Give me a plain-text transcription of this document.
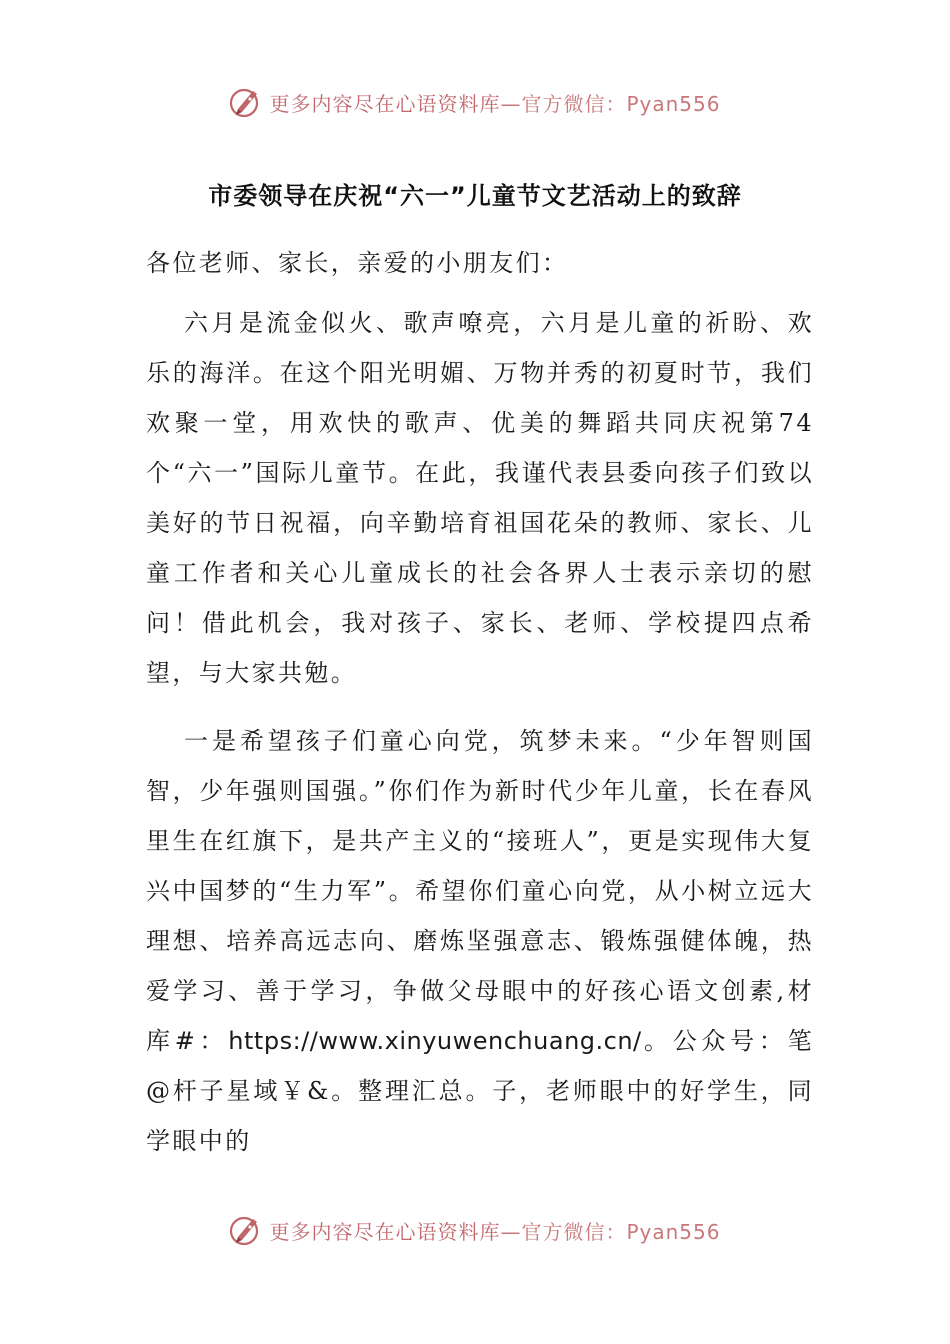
更多内容尽在心语资料库—官方微信：Pyan556
市委领导在庆祝“六一”儿童节文艺活动上的致辞

各位老师、家长，亲爱的小朋友们：

六月是流金似火、歌声嘹亮，六月是儿童的祈盼、欢乐的海洋。在这个阳光明媚、万物并秀的初夏时节，我们欢聚一堂，用欢快的歌声、优美的舞蹈共同庆祝第74个“六一”国际儿童节。在此，我谨代表县委向孩子们致以美好的节日祝福，向辛勤培育祖国花朵的教师、家长、儿童工作者和关心儿童成长的社会各界人士表示亲切的慰问！借此机会，我对孩子、家长、老师、学校提四点希望，与大家共勉。

一是希望孩子们童心向党，筑梦未来。“少年智则国智，少年强则国强。”你们作为新时代少年儿童，长在春风里生在红旗下，是共产主义的“接班人”，更是实现伟大复兴中国梦的“生力军”。希望你们童心向党，从小树立远大理想、培养高远志向、磨炼坚强意志、锻炼强健体魄，热爱学习、善于学习，争做父母眼中的好孩心语文创素,材库#：https://www.xinyuwenchuang.cn/。公众号：笔@杆子星域￥&。整理汇总。子，老师眼中的好学生，同学眼中的

更多内容尽在心语资料库—官方微信：Pyan556
